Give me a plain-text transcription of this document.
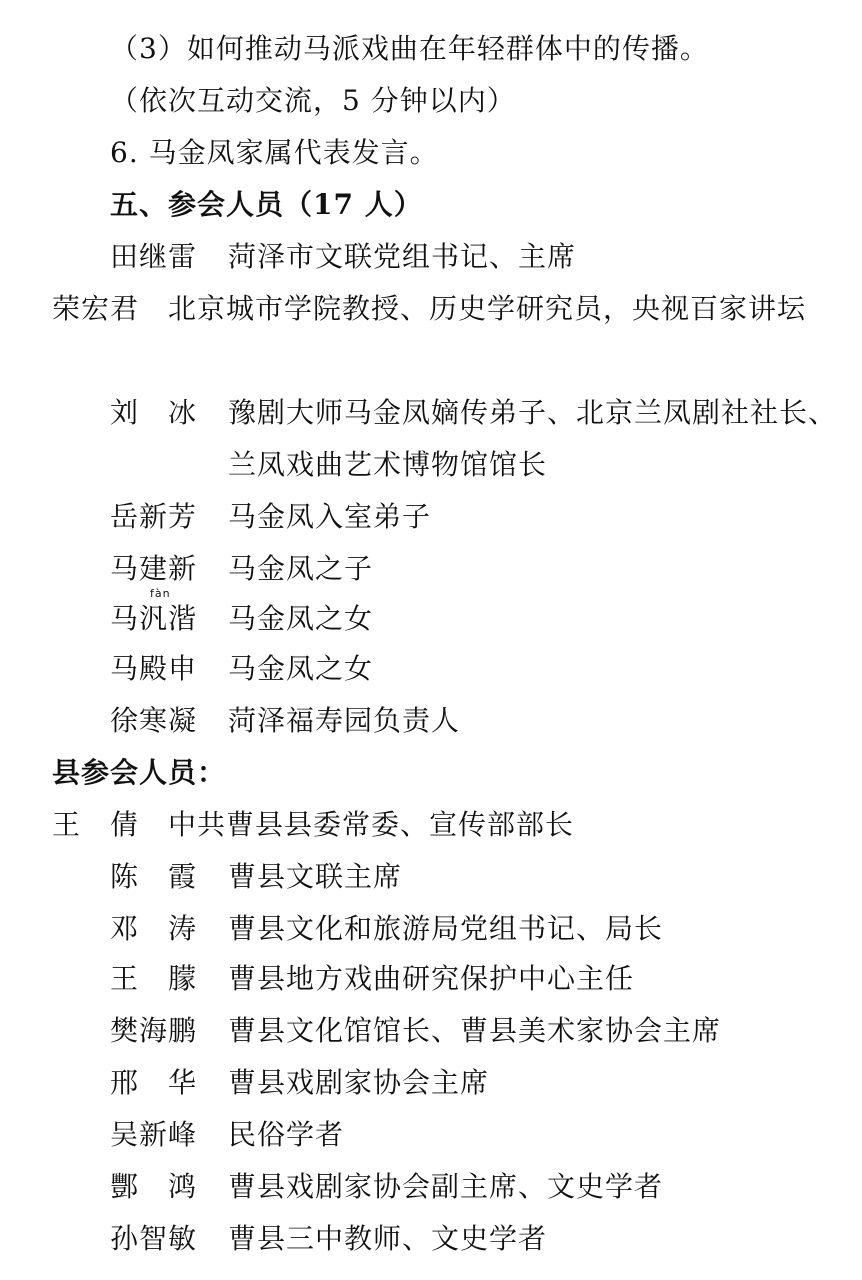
（3）如何推动马派戏曲在年轻群体中的传播。
（依次互动交流，5 分钟以内）
6. 马金凤家属代表发言。
五、参会人员（17 人）
田继雷 菏泽市文联党组书记、主席
荣宏君 北京城市学院教授、历史学研究员，央视百家讲坛
刘　冰 豫剧大师马金凤嫡传弟子、北京兰凤剧社社长、
兰凤戏曲艺术博物馆馆长
岳新芳 马金凤入室弟子
马建新 马金凤之子
fàn
马汎湝 马金凤之女
马殿申 马金凤之女
徐寒凝 菏泽福寿园负责人
县参会人员：
王　倩 中共曹县县委常委、宣传部部长
陈　霞 曹县文联主席
邓　涛 曹县文化和旅游局党组书记、局长
王　朦 曹县地方戏曲研究保护中心主任
樊海鹏 曹县文化馆馆长、曹县美术家协会主席
邢　华 曹县戏剧家协会主席
吴新峰 民俗学者
酆　鸿 曹县戏剧家协会副主席、文史学者
孙智敏 曹县三中教师、文史学者
